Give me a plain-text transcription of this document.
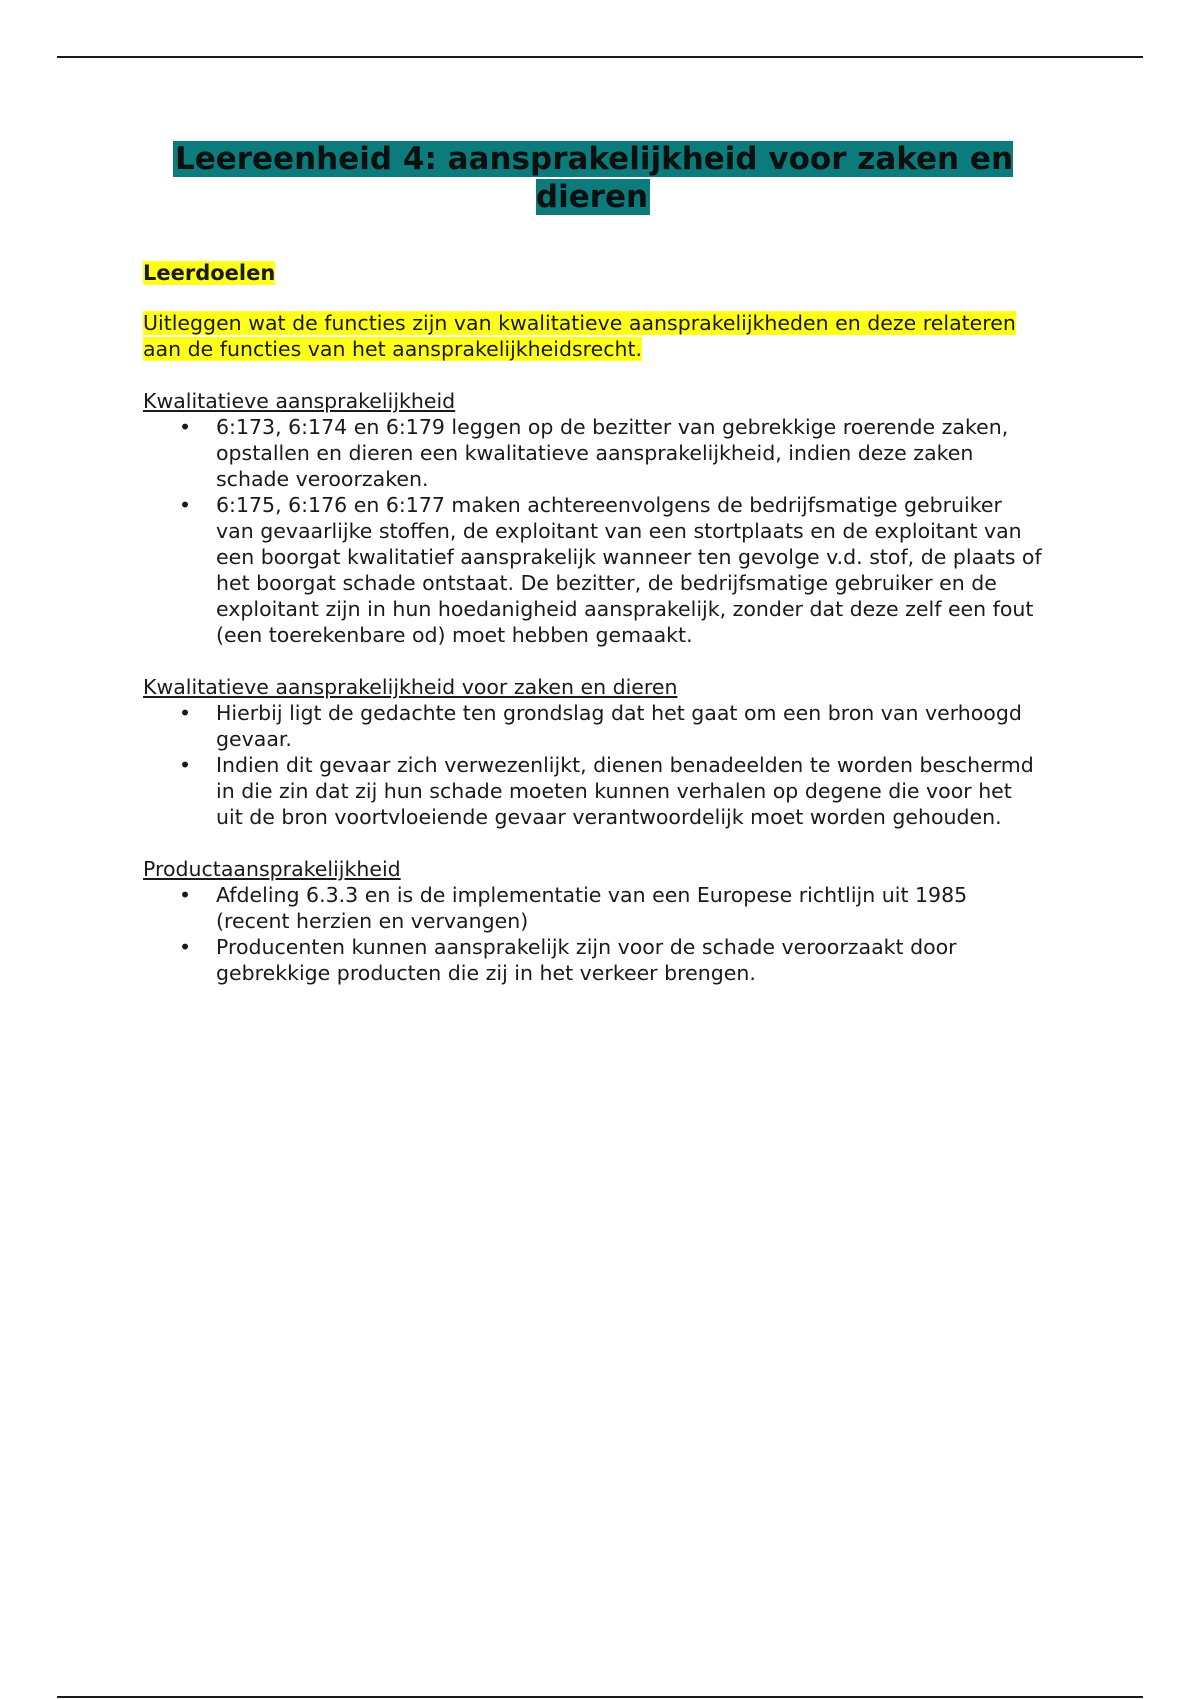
Leereenheid 4: aansprakelijkheid voor zaken en dieren

Leerdoelen

Uitleggen wat de functies zijn van kwalitatieve aansprakelijkheden en deze relateren aan de functies van het aansprakelijkheidsrecht.

Kwalitatieve aansprakelijkheid

• 6:173, 6:174 en 6:179 leggen op de bezitter van gebrekkige roerende zaken, opstallen en dieren een kwalitatieve aansprakelijkheid, indien deze zaken schade veroorzaken.
• 6:175, 6:176 en 6:177 maken achtereenvolgens de bedrijfsmatige gebruiker van gevaarlijke stoffen, de exploitant van een stortplaats en de exploitant van een boorgat kwalitatief aansprakelijk wanneer ten gevolge v.d. stof, de plaats of het boorgat schade ontstaat. De bezitter, de bedrijfsmatige gebruiker en de exploitant zijn in hun hoedanigheid aansprakelijk, zonder dat deze zelf een fout (een toerekenbare od) moet hebben gemaakt.

Kwalitatieve aansprakelijkheid voor zaken en dieren

• Hierbij ligt de gedachte ten grondslag dat het gaat om een bron van verhoogd gevaar.
• Indien dit gevaar zich verwezenlijkt, dienen benadeelden te worden beschermd in die zin dat zij hun schade moeten kunnen verhalen op degene die voor het uit de bron voortvloeiende gevaar verantwoordelijk moet worden gehouden.

Productaansprakelijkheid

• Afdeling 6.3.3 en is de implementatie van een Europese richtlijn uit 1985 (recent herzien en vervangen)
• Producenten kunnen aansprakelijk zijn voor de schade veroorzaakt door gebrekkige producten die zij in het verkeer brengen.
